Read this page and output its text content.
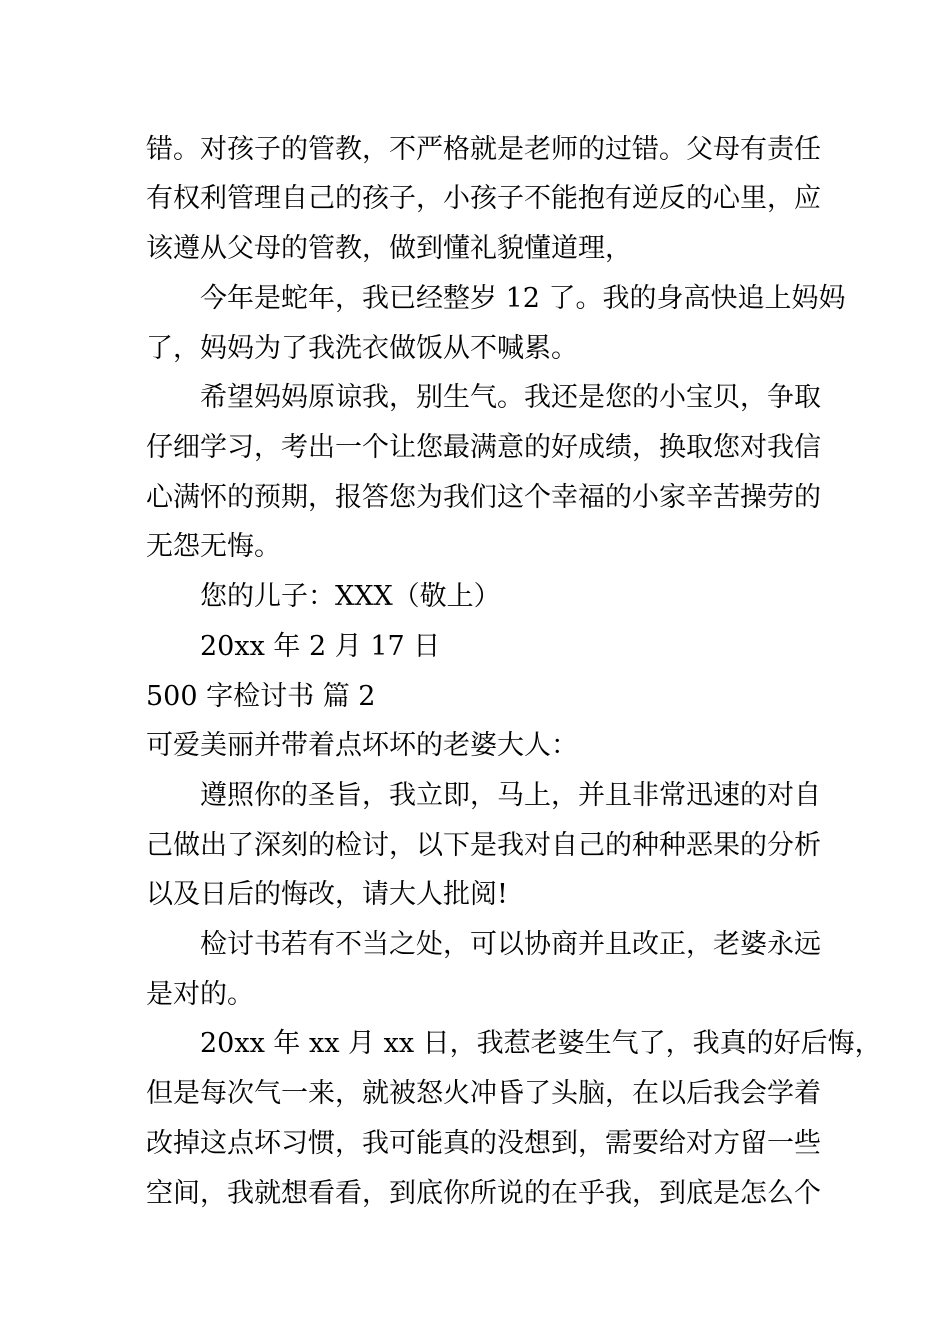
错。对孩子的管教，不严格就是老师的过错。父母有责任
有权利管理自己的孩子，小孩子不能抱有逆反的心里，应
该遵从父母的管教，做到懂礼貌懂道理，
今年是蛇年，我已经整岁 12 了。我的身高快追上妈妈
了，妈妈为了我洗衣做饭从不喊累。
希望妈妈原谅我，别生气。我还是您的小宝贝，争取
仔细学习，考出一个让您最满意的好成绩，换取您对我信
心满怀的预期，报答您为我们这个幸福的小家辛苦操劳的
无怨无悔。
您的儿子：XXX（敬上）
20xx 年 2 月 17 日
500 字检讨书 篇 2
可爱美丽并带着点坏坏的老婆大人：
遵照你的圣旨，我立即，马上，并且非常迅速的对自
己做出了深刻的检讨，以下是我对自己的种种恶果的分析
以及日后的悔改，请大人批阅!
检讨书若有不当之处，可以协商并且改正，老婆永远
是对的。
20xx 年 xx 月 xx 日，我惹老婆生气了，我真的好后悔，
但是每次气一来，就被怒火冲昏了头脑，在以后我会学着
改掉这点坏习惯，我可能真的没想到，需要给对方留一些
空间，我就想看看，到底你所说的在乎我，到底是怎么个
